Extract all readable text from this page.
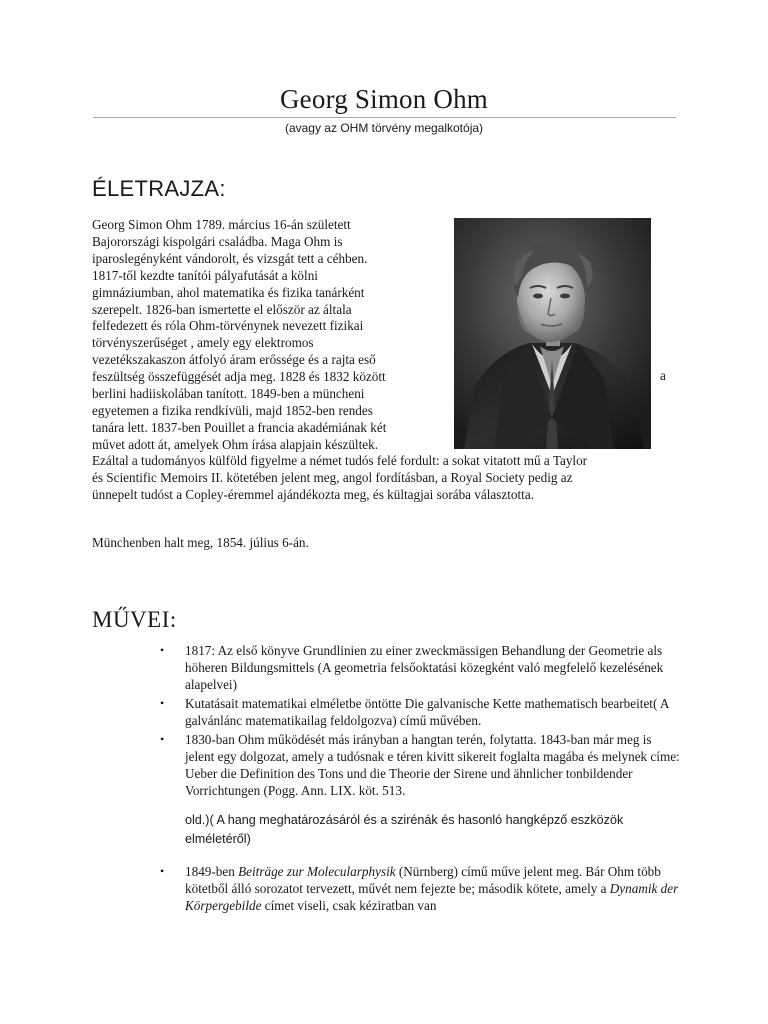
Georg Simon Ohm
(avagy az OHM törvény megalkotója)
ÉLETRAJZA:

Georg Simon Ohm 1789. március 16-án született
Bajorországi kispolgári családba. Maga Ohm is
iparoslegényként vándorolt, és vizsgát tett a céhben.
1817-től kezdte tanítói pályafutását a kölni
gimnáziumban, ahol matematika és fizika tanárként
szerepelt. 1826-ban ismertette el először az általa
felfedezett és róla Ohm-törvénynek nevezett fizikai
törvényszerűséget , amely egy elektromos
vezetékszakaszon átfolyó áram erőssége és a rajta eső
feszültség összefüggését adja meg. 1828 és 1832 között
berlini hadiiskolában tanított. 1849-ben a müncheni
egyetemen a fizika rendkívüli, majd 1852-ben rendes
tanára lett. 1837-ben Pouillet a francia akadémiának két
művet adott át, amelyek Ohm írása alapjain készültek.

a

Ezáltal a tudományos külföld figyelme a német tudós felé fordult: a sokat vitatott mű a Taylor
és Scientific Memoirs II. kötetében jelent meg, angol fordításban, a Royal Society pedig az
ünnepelt tudóst a Copley-éremmel ajándékozta meg, és kültagjai sorába választotta.

Münchenben halt meg, 1854. július 6-án.

MŰVEI:
• 1817: Az első könyve Grundlinien zu einer zweckmässigen Behandlung der Geometrie als höheren Bildungsmittels (A geometria felsőoktatási közegként való megfelelő kezelésének alapelvei)
• Kutatásait matematikai elméletbe öntötte Die galvanische Kette mathematisch bearbeitet( A galvánlánc matematikailag feldolgozva) című művében.
• 1830-ban Ohm működését más irányban a hangtan terén, folytatta. 1843-ban már meg is jelent egy dolgozat, amely a tudósnak e téren kivitt sikereit foglalta magába és melynek címe: Ueber die Definition des Tons und die Theorie der Sirene und ähnlicher tonbildender Vorrichtungen (Pogg. Ann. LIX. köt. 513.
old.)( A hang meghatározásáról és a szirénák és hasonló hangképző eszközök elméletéről)
• 1849-ben Beiträge zur Molecularphysik (Nürnberg) című műve jelent meg. Bár Ohm több kötetből álló sorozatot tervezett, művét nem fejezte be; második kötete, amely a Dynamik der Körpergebilde címet viseli, csak kéziratban van
